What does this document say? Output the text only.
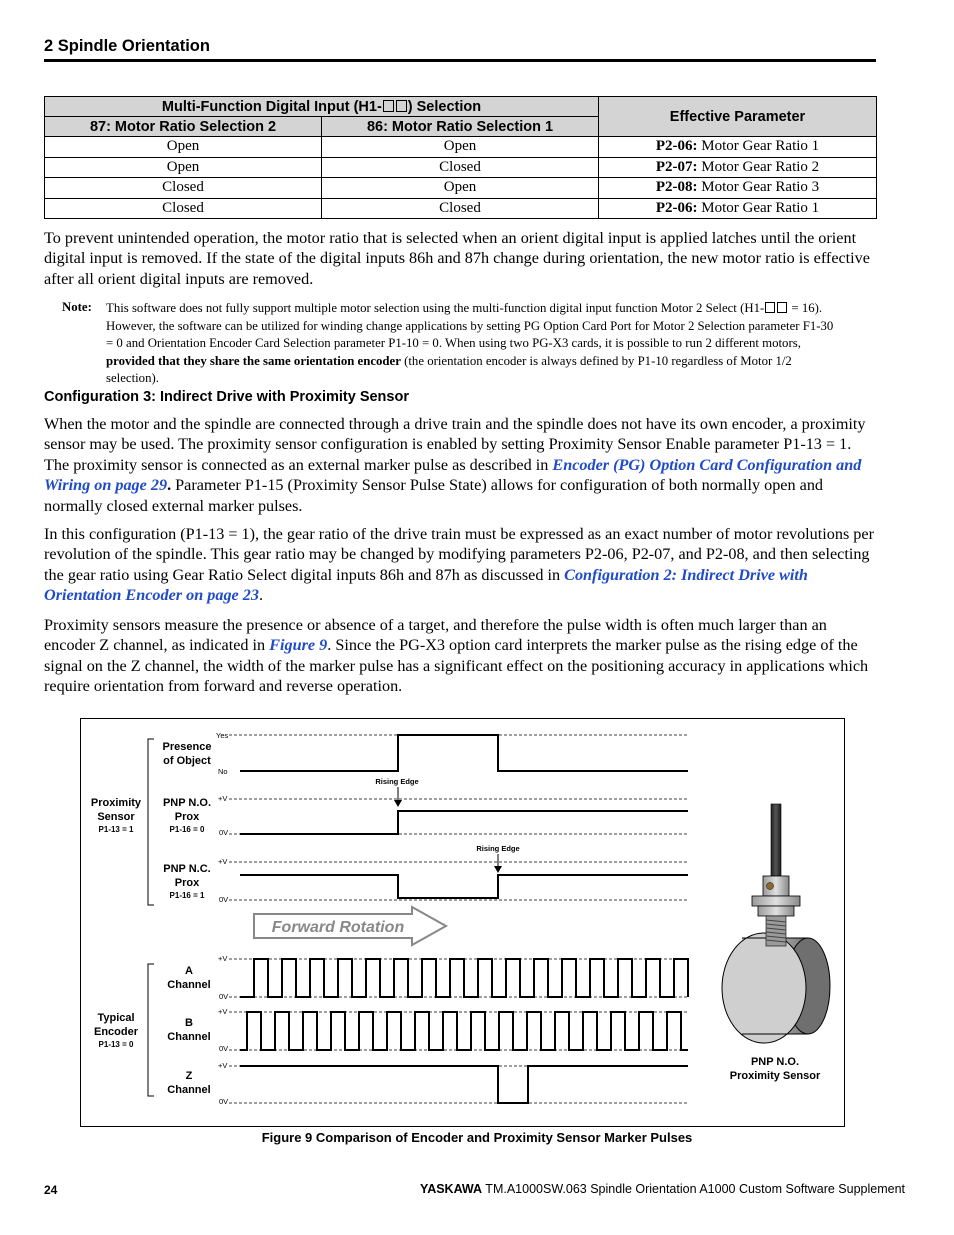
2 Spindle Orientation
Multi-Function Digital Input (H1- ) Selection		Effective Parameter
87: Motor Ratio Selection 2	86: Motor Ratio Selection 1	
Open	Open	P2-06: Motor Gear Ratio 1
Open	Closed	P2-07: Motor Gear Ratio 2
Closed	Open	P2-08: Motor Gear Ratio 3
Closed	Closed	P2-06: Motor Gear Ratio 1
To prevent unintended operation, the motor ratio that is selected when an orient digital input is applied latches until the orient digital input is removed. If the state of the digital inputs 86h and 87h change during orientation, the new motor ratio is effective after all orient digital inputs are removed.
Note: This software does not fully support multiple motor selection using the multi-function digital input function Motor 2 Select (H1- = 16). However, the software can be utilized for winding change applications by setting PG Option Card Port for Motor 2 Selection parameter F1-30 = 0 and Orientation Encoder Card Selection parameter P1-10 = 0. When using two PG-X3 cards, it is possible to run 2 different motors, provided that they share the same orientation encoder (the orientation encoder is always defined by P1-10 regardless of Motor 1/2 selection).
Configuration 3: Indirect Drive with Proximity Sensor
When the motor and the spindle are connected through a drive train and the spindle does not have its own encoder, a proximity sensor may be used. The proximity sensor configuration is enabled by setting Proximity Sensor Enable parameter P1-13 = 1. The proximity sensor is connected as an external marker pulse as described in Encoder (PG) Option Card Configuration and Wiring on page 29. Parameter P1-15 (Proximity Sensor Pulse State) allows for configuration of both normally open and normally closed external marker pulses.
In this configuration (P1-13 = 1), the gear ratio of the drive train must be expressed as an exact number of motor revolutions per revolution of the spindle. This gear ratio may be changed by modifying parameters P2-06, P2-07, and P2-08, and then selecting the gear ratio using Gear Ratio Select digital inputs 86h and 87h as discussed in Configuration 2: Indirect Drive with Orientation Encoder on page 23.
Proximity sensors measure the presence or absence of a target, and therefore the pulse width is often much larger than an encoder Z channel, as indicated in Figure 9. Since the PG-X3 option card interprets the marker pulse as the rising edge of the signal on the Z channel, the width of the marker pulse has a significant effect on the positioning accuracy in applications which require orientation from forward and reverse operation.
Proximity Sensor
P1-13 = 1
Typical Encoder
P1-13 = 0
Presence of Object
PNP N.O. Prox
P1-16 = 0
PNP N.C. Prox
P1-16 = 1
A Channel
B Channel
Z Channel
Yes
No
+V
0V
+V
0V
+V
0V
+V
0V
+V
0V
Rising Edge
Rising Edge
Forward Rotation
PNP N.O. Proximity Sensor
Figure 9 Comparison of Encoder and Proximity Sensor Marker Pulses
24	YASKAWA TM.A1000SW.063 Spindle Orientation A1000 Custom Software Supplement
